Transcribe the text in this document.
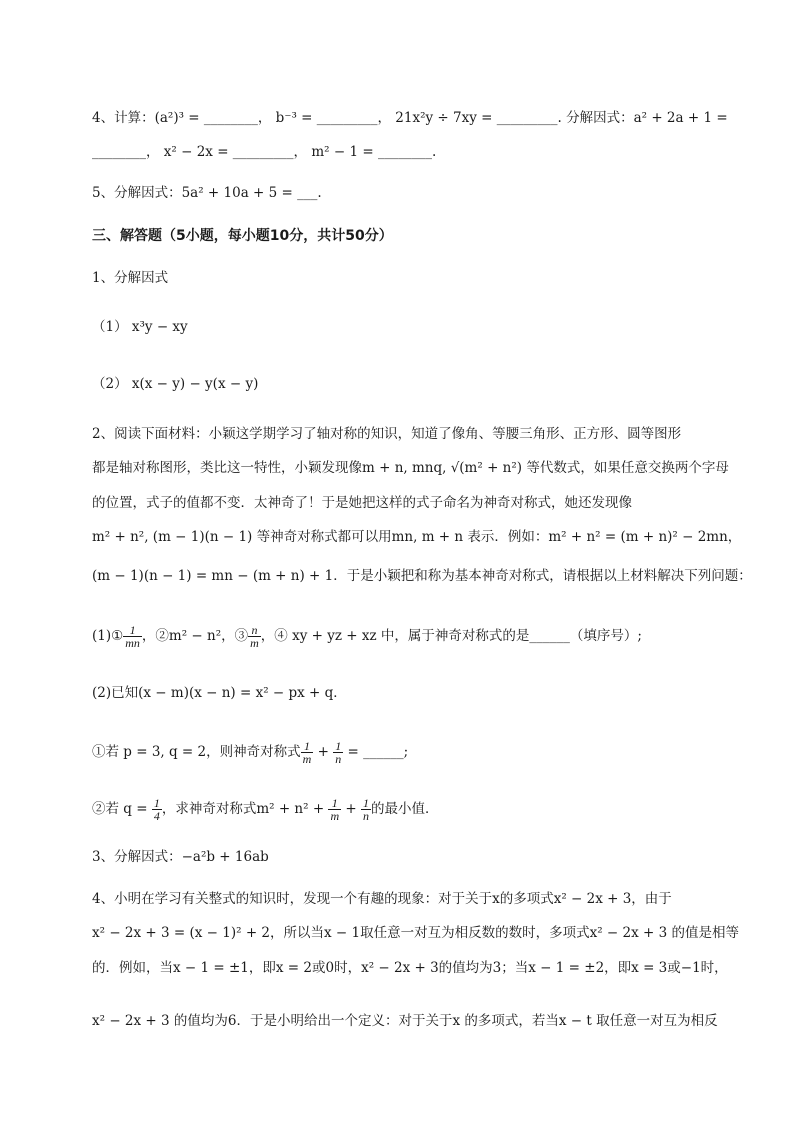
4、计算：(a²)³ = ________， b⁻³ = _________， 21x²y ÷ 7xy = _________. 分解因式：a² + 2a + 1 =
________， x² − 2x = _________， m² − 1 = ________.
5、分解因式：5a² + 10a + 5 = ___.
三、解答题（5小题，每小题10分，共计50分）
1、分解因式
（1） x³y − xy
（2） x(x − y) − y(x − y)
2、阅读下面材料：小颖这学期学习了轴对称的知识，知道了像角、等腰三角形、正方形、圆等图形
都是轴对称图形，类比这一特性，小颖发现像m + n, mnq, √(m² + n²) 等代数式，如果任意交换两个字母
的位置，式子的值都不变．太神奇了！于是她把这样的式子命名为神奇对称式，她还发现像
m² + n², (m − 1)(n − 1) 等神奇对称式都可以用mn, m + n 表示．例如：m² + n² = (m + n)² − 2mn，
(m − 1)(n − 1) = mn − (m + n) + 1．于是小颖把和称为基本神奇对称式，请根据以上材料解决下列问题：
(1)① $\frac{1}{mn}$ ，②m² − n²，③ $\frac{n}{m}$ ，④ xy + yz + xz 中，属于神奇对称式的是______（填序号）;
(2)已知(x − m)(x − n) = x² − px + q．
①若 p = 3, q = 2，则神奇对称式 $\frac{1}{m} + \frac{1}{n}$ = ______;
②若 $q = \frac{1}{4}$ ，求神奇对称式$m^2 + n^2 + \frac{1}{m} + \frac{1}{n}$ 的最小值．
3、分解因式：−a²b + 16ab
4、小明在学习有关整式的知识时，发现一个有趣的现象：对于关于x的多项式x² − 2x + 3，由于
x² − 2x + 3 = (x − 1)² + 2，所以当x − 1取任意一对互为相反数的数时，多项式x² − 2x + 3 的值是相等
的．例如，当x − 1 = ±1，即x = 2或0时，x² − 2x + 3的值均为3；当x − 1 = ±2，即x = 3或−1时，
x² − 2x + 3 的值均为6．于是小明给出一个定义：对于关于x 的多项式，若当x − t 取任意一对互为相反
